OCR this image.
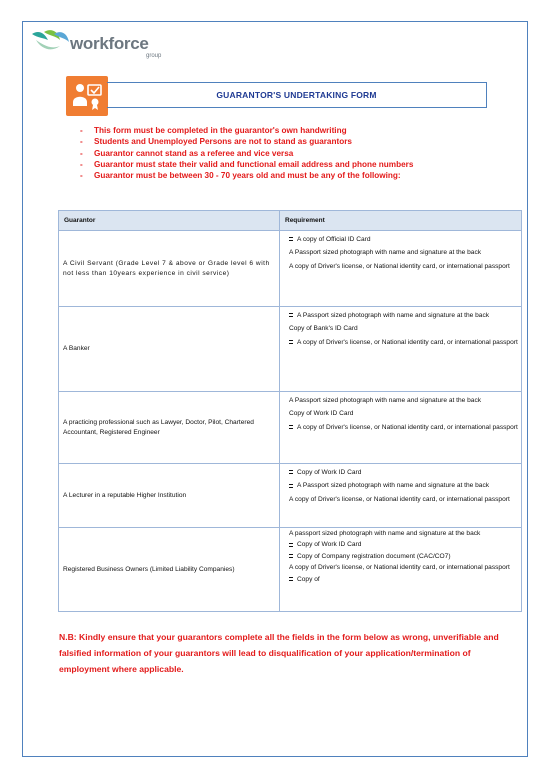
workforce
group
GUARANTOR'S UNDERTAKING FORM
- This form must be completed in the guarantor's own handwriting
- Students and Unemployed Persons are not to stand as guarantors
- Guarantor cannot stand as a referee and vice versa
- Guarantor must state their valid and functional email address and phone numbers
- Guarantor must be between 30 - 70 years old and must be any of the following:
Guarantor	Requirement
A Civil Servant (Grade Level 7 & above or Grade level 6 with not less than 10years experience in civil service)	A copy of Official ID Card
A Passport sized photograph with name and signature at the back
A copy of Driver's license, or National identity card, or international passport

A Banker	A Passport sized photograph with name and signature at the back
Copy of Bank's ID Card
A copy of Driver's license, or National identity card, or international passport

A practicing professional such as Lawyer, Doctor, Pilot, Chartered Accountant, Registered Engineer	A Passport sized photograph with name and signature at the back
Copy of Work ID Card
A copy of Driver's license, or National identity card, or international passport

A Lecturer in a reputable Higher Institution	Copy of Work ID Card
A Passport sized photograph with name and signature at the back
A copy of Driver's license, or National identity card, or international passport

Registered Business Owners (Limited Liability Companies)	A passport sized photograph with name and signature at the back
Copy of Work ID Card
Copy of Company registration document (CAC/CO7)
A copy of Driver's license, or National identity card, or international passport
Copy of
N.B: Kindly ensure that your guarantors complete all the fields in the form below as wrong, unverifiable and falsified information of your guarantors will lead to disqualification of your application/termination of employment where applicable.
